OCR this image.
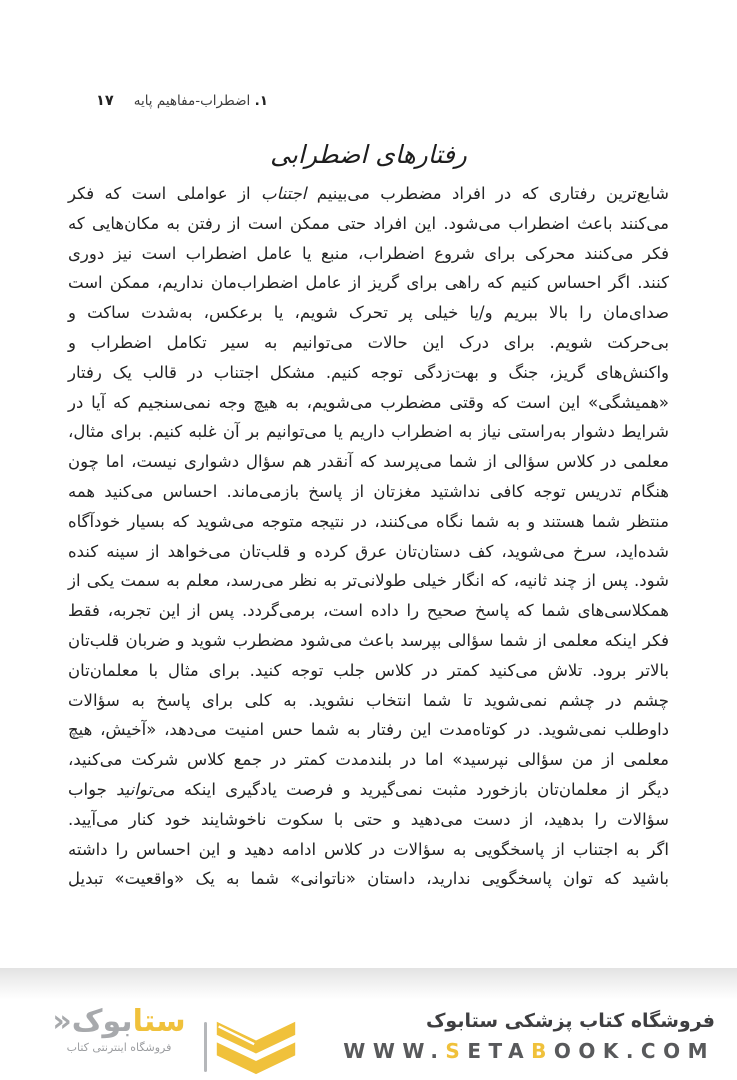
۱.​ اضطراب-مفاهیم پایه
۱۷
رفتارهای اضطرابی
شایع‌ترین رفتاری که در افراد مضطرب می‌بینیم اجتناب از عواملی است که فکر
می‌کنند باعث اضطراب می‌شود. این افراد حتی ممکن است از رفتن به مکان‌هایی که
فکر می‌کنند محرکی برای شروع اضطراب، منبع یا عامل اضطراب است نیز دوری
کنند. اگر احساس کنیم که راهی برای گریز از عامل اضطراب‌مان نداریم، ممکن است
صدای‌مان را بالا ببریم و/یا خیلی پر تحرک شویم، یا برعکس، به‌شدت ساکت و
بی‌حرکت شویم. برای درک این حالات می‌توانیم به سیر تکامل اضطراب و
واکنش‌های گریز، جنگ و بهت‌زدگی توجه کنیم. مشکل اجتناب در قالب یک رفتار
«همیشگی» این است که وقتی مضطرب می‌شویم، به هیچ وجه نمی‌سنجیم که آیا در
شرایط دشوار به‌راستی نیاز به اضطراب داریم یا می‌توانیم بر آن غلبه کنیم. برای مثال،
معلمی در کلاس سؤالی از شما می‌پرسد که آنقدر هم سؤال دشواری نیست، اما چون
هنگام تدریس توجه کافی نداشتید مغزتان از پاسخ بازمی‌ماند. احساس می‌کنید همه
منتظر شما هستند و به شما نگاه می‌کنند، در نتیجه متوجه می‌شوید که بسیار خودآگاه
شده‌اید، سرخ می‌شوید، کف دستان‌تان عرق کرده و قلب‌تان می‌خواهد از سینه کنده
شود. پس از چند ثانیه، که انگار خیلی طولانی‌تر به نظر می‌رسد، معلم به سمت یکی از
همکلاسی‌های شما که پاسخ صحیح را داده است، برمی‌گردد. پس از این تجربه، فقط
فکر اینکه معلمی از شما سؤالی بپرسد باعث می‌شود مضطرب شوید و ضربان قلب‌تان
بالاتر برود. تلاش می‌کنید کمتر در کلاس جلب توجه کنید. برای مثال با معلمان‌تان
چشم در چشم نمی‌شوید تا شما انتخاب نشوید. به کلی برای پاسخ به سؤالات
داوطلب نمی‌شوید. در کوتاه‌مدت این رفتار به شما حس امنیت می‌دهد، «آخیش، هیچ
معلمی از من سؤالی نپرسید» اما در بلندمدت کمتر در جمع کلاس شرکت می‌کنید،
دیگر از معلمان‌تان بازخورد مثبت نمی‌گیرید و فرصت یادگیری اینکه می‌توانید جواب
سؤالات را بدهید، از دست می‌دهید و حتی با سکوت ناخوشایند خود کنار می‌آیید.
اگر به اجتناب از پاسخگویی به سؤالات در کلاس ادامه دهید و این احساس را داشته
باشید که توان پاسخگویی ندارید، داستان «ناتوانی» شما به یک «واقعیت» تبدیل
ستابوک«
فروشگاه اینترنتی کتاب
فروشگاه کتاب پزشکی ستابوک
WWW.SETABOOK.COM
